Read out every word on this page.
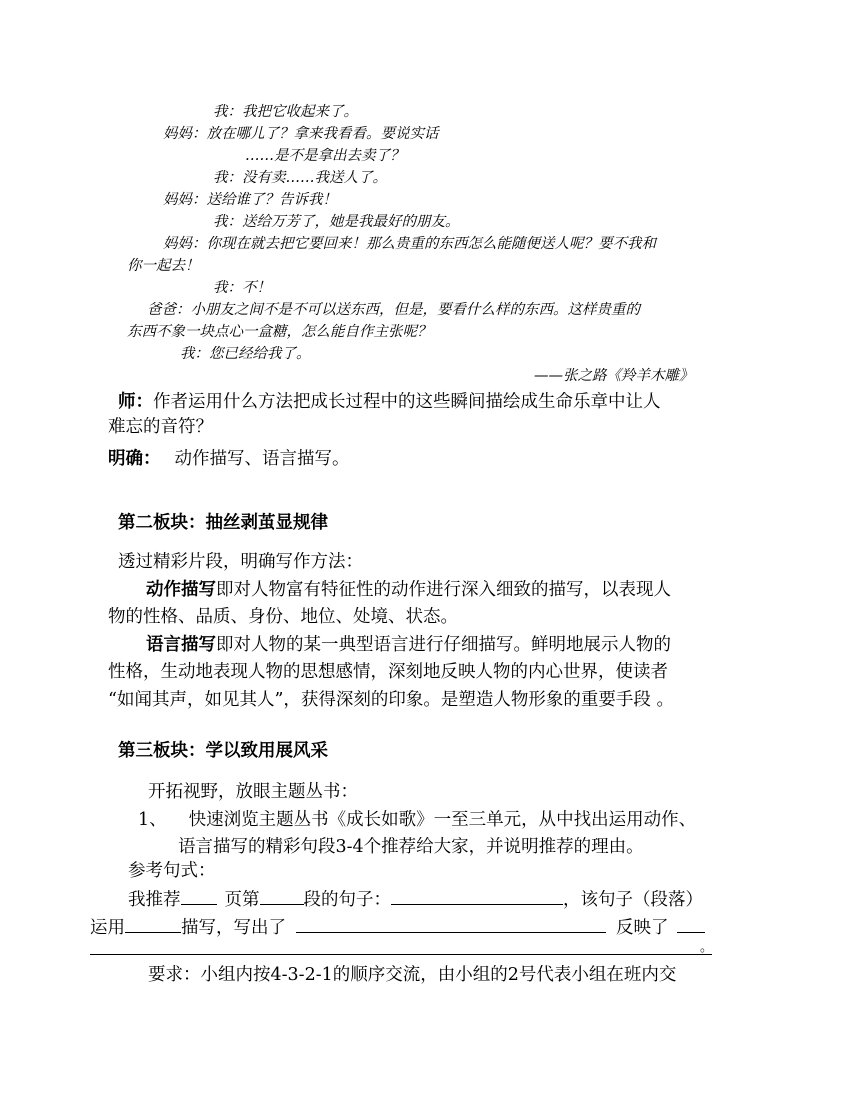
我：我把它收起来了。
妈妈：放在哪儿了？拿来我看看。要说实话
……是不是拿出去卖了？
我：没有卖……我送人了。
妈妈：送给谁了？告诉我！
我：送给万芳了，她是我最好的朋友。
妈妈：你现在就去把它要回来！那么贵重的东西怎么能随便送人呢？要不我和
你一起去！
我：不！
爸爸：小朋友之间不是不可以送东西，但是，要看什么样的东西。这样贵重的
东西不象一块点心一盒糖，怎么能自作主张呢？
我：您已经给我了。
——张之路《羚羊木雕》
师：作者运用什么方法把成长过程中的这些瞬间描绘成生命乐章中让人
难忘的音符？
明确： 动作描写、语言描写。
第二板块：抽丝剥茧显规律
透过精彩片段，明确写作方法：
动作描写即对人物富有特征性的动作进行深入细致的描写，以表现人
物的性格、品质、身份、地位、处境、状态。
语言描写即对人物的某一典型语言进行仔细描写。鲜明地展示人物的
性格，生动地表现人物的思想感情，深刻地反映人物的内心世界，使读者
“如闻其声，如见其人”，获得深刻的印象。是塑造人物形象的重要手段 。
第三板块：学以致用展风采
开拓视野，放眼主题丛书：
1、 快速浏览主题丛书《成长如歌》一至三单元，从中找出运用动作、
语言描写的精彩句段3-4个推荐给大家，并说明推荐的理由。
参考句式：
我推荐	页第	段的句子：	，该句子（段落）
运用	描写，写出了	反映了
。
要求：小组内按4-3-2-1的顺序交流，由小组的2号代表小组在班内交
